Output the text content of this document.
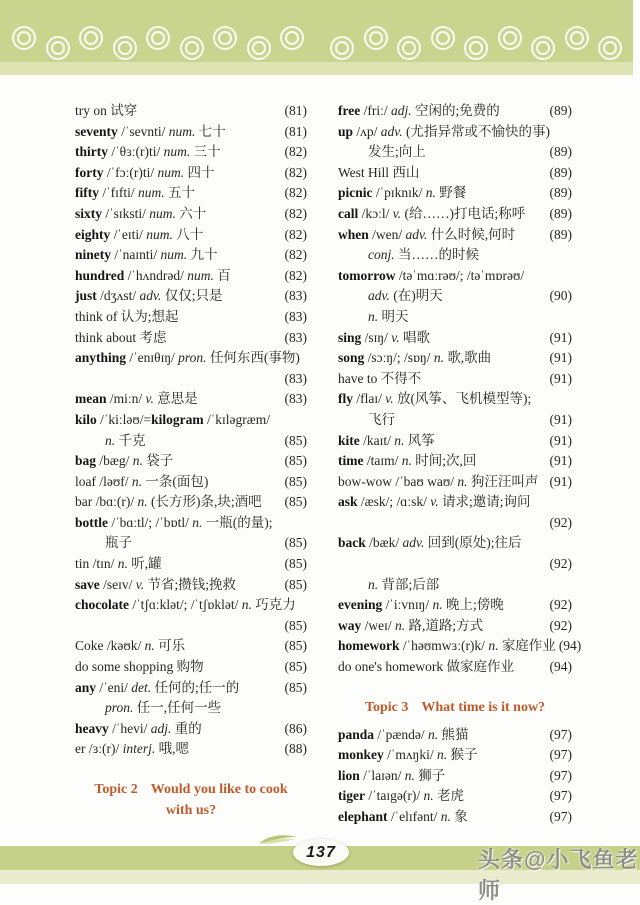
try on 试穿	(81)
seventy /ˈsevnti/ num. 七十	(81)
thirty /ˈθɜː(r)ti/ num. 三十	(82)
forty /ˈfɔː(r)ti/ num. 四十	(82)
fifty /ˈfɪfti/ num. 五十	(82)
sixty /ˈsɪksti/ num. 六十	(82)
eighty /ˈeɪti/ num. 八十	(82)
ninety /ˈnaɪnti/ num. 九十	(82)
hundred /ˈhʌndrəd/ num. 百	(82)
just /dʒʌst/ adv. 仅仅;只是	(83)
think of 认为;想起	(83)
think about 考虑	(83)
anything /ˈenɪθɪŋ/ pron. 任何东西(事物)
(83)
mean /miːn/ v. 意思是	(83)
kilo /ˈkiːləʊ/=kilogram /ˈkɪləgræm/
n. 千克	(85)
bag /bæg/ n. 袋子	(85)
loaf /ləʊf/ n. 一条(面包)	(85)
bar /bɑː(r)/ n. (长方形)条,块;酒吧 (85)
bottle /ˈbɑːtl/; /ˈbɒtl/ n. 一瓶(的量);
瓶子	(85)
tin /tɪn/ n. 听,罐	(85)
save /seɪv/ v. 节省;攒钱;挽救	(85)
chocolate /ˈtʃɑːklət/; /ˈtʃɒklət/ n. 巧克力
(85)
Coke /kəʊk/ n. 可乐	(85)
do some shopping 购物	(85)
any /ˈeni/ det. 任何的;任一的	(85)
pron. 任一,任何一些
heavy /ˈhevi/ adj. 重的	(86)
er /ɜː(r)/ interj. 哦,嗯	(88)
Topic 2 Would you like to cook
with us?
free /friː/ adj. 空闲的;免费的	(89)
up /ʌp/ adv. (尤指异常或不愉快的事)
发生;向上	(89)
West Hill 西山	(89)
picnic /ˈpɪknɪk/ n. 野餐	(89)
call /kɔːl/ v. (给……)打电话;称呼 (89)
when /wen/ adv. 什么时候,何时	(89)
conj. 当……的时候
tomorrow /təˈmɑːrəʊ/; /təˈmɒrəʊ/
adv. (在)明天	(90)
n. 明天
sing /sɪŋ/ v. 唱歌	(91)
song /sɔːŋ/; /sɒŋ/ n. 歌,歌曲	(91)
have to 不得不	(91)
fly /flaɪ/ v. 放(风筝、飞机模型等);
飞行	(91)
kite /kaɪt/ n. 风筝	(91)
time /taɪm/ n. 时间;次,回	(91)
bow-wow /ˈbaʊ waʊ/ n. 狗汪汪叫声 (91)
ask /æsk/; /ɑːsk/ v. 请求;邀请;询问
(92)
back /bæk/ adv. 回到(原处);往后
(92)
n. 背部;后部
evening /ˈiːvnɪŋ/ n. 晚上;傍晚	(92)
way /weɪ/ n. 路,道路;方式	(92)
homework /ˈhəʊmwɜː(r)k/ n. 家庭作业 (94)
do one's homework 做家庭作业	(94)
Topic 3 What time is it now?
panda /ˈpændə/ n. 熊猫	(97)
monkey /ˈmʌŋki/ n. 猴子	(97)
lion /ˈlaɪən/ n. 狮子	(97)
tiger /ˈtaɪgə(r)/ n. 老虎	(97)
elephant /ˈelɪfənt/ n. 象	(97)
137	头条@小飞鱼老师
